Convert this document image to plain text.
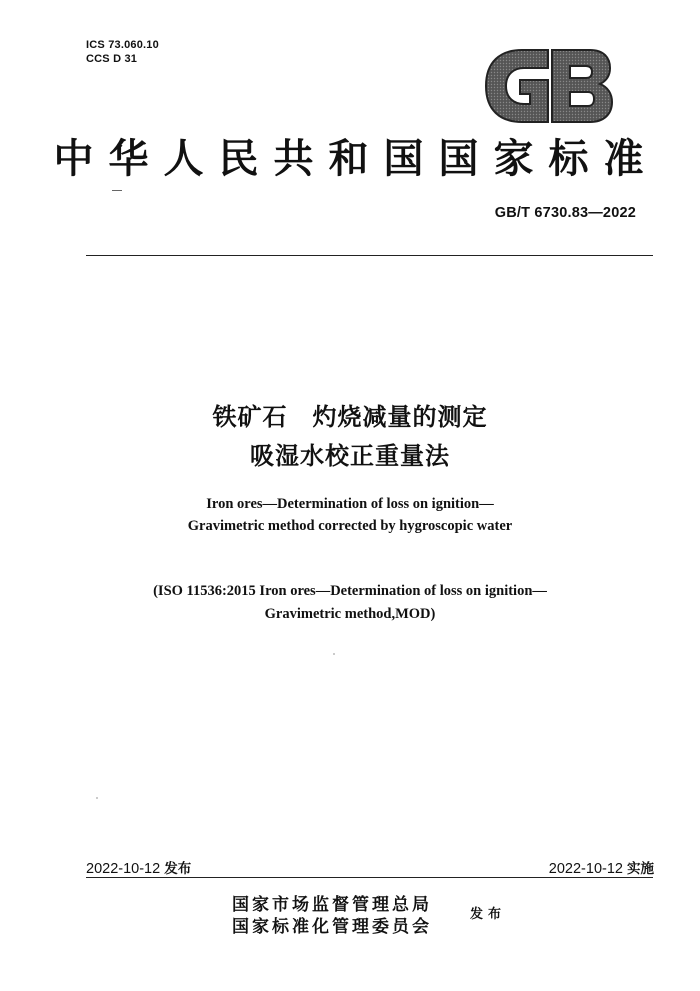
ICS 73.060.10
CCS D 31
中华人民共和国国家标准
GB/T 6730.83—2022
铁矿石　灼烧减量的测定
吸湿水校正重量法
Iron ores—Determination of loss on ignition—
Gravimetric method corrected by hygroscopic water
(ISO 11536:2015 Iron ores—Determination of loss on ignition—
Gravimetric method,MOD)
2022-10-12 发布	2022-10-12 实施
国家市场监督管理总局
国家标准化管理委员会
发布
